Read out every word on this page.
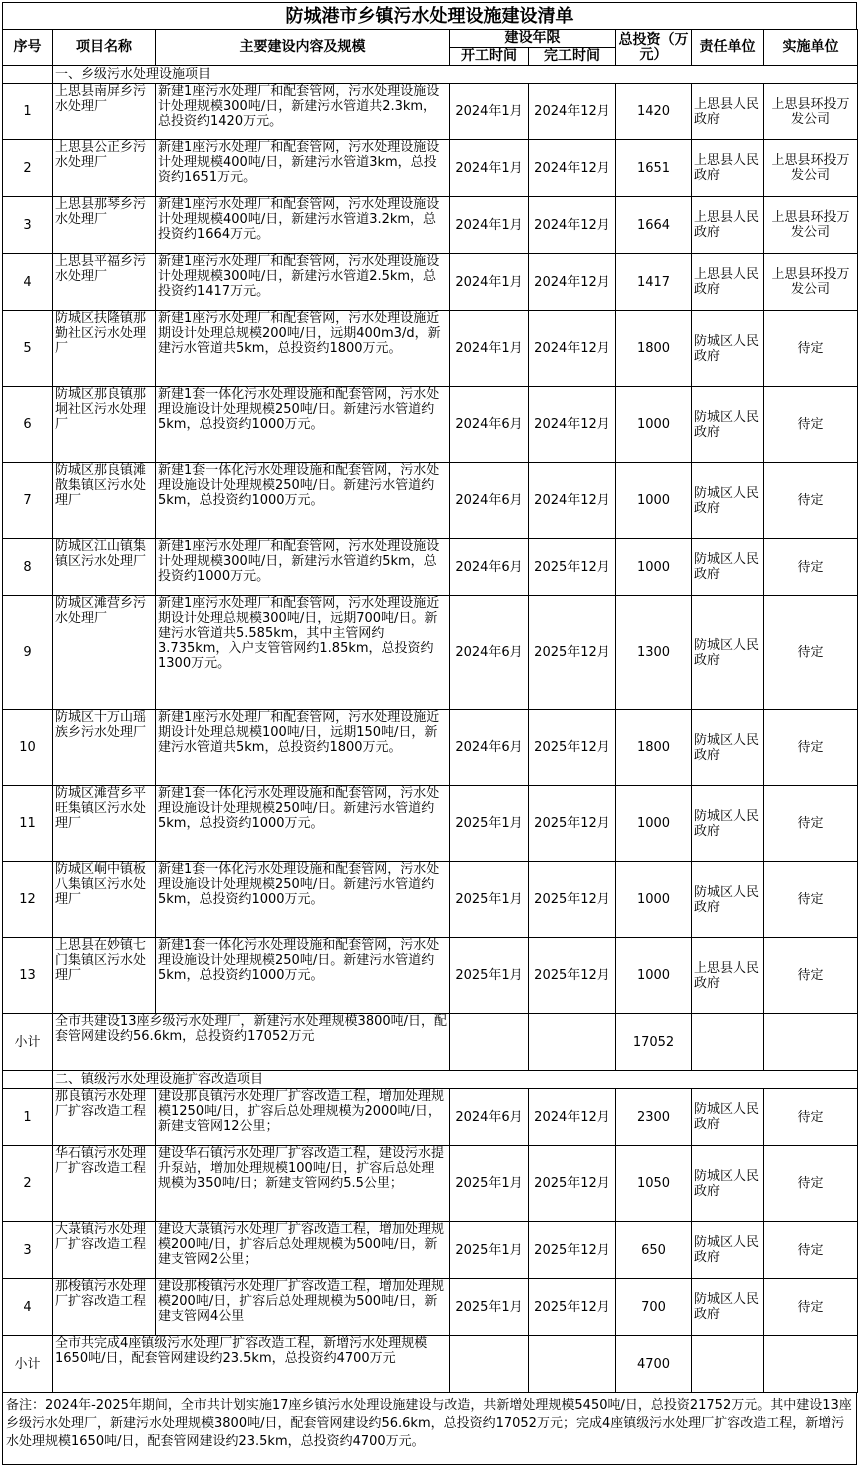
防城港市乡镇污水处理设施建设清单
序号	项目名称	主要建设内容及规模	建设年限		总投资（万元）	责任单位	实施单位
			开工时间	完工时间			
	一、乡级污水处理设施项目						
1	上思县南屏乡污水处理厂	新建1座污水处理厂和配套管网，污水处理设施设计处理规模300吨/日，新建污水管道共2.3km，总投资约1420万元。	2024年1月	2024年12月	1420	上思县人民政府	上思县环投万发公司
2	上思县公正乡污水处理厂	新建1座污水处理厂和配套管网，污水处理设施设计处理规模400吨/日，新建污水管道3km，总投资约1651万元。	2024年1月	2024年12月	1651	上思县人民政府	上思县环投万发公司
3	上思县那琴乡污水处理厂	新建1座污水处理厂和配套管网，污水处理设施设计处理规模400吨/日，新建污水管道3.2km，总投资约1664万元。	2024年1月	2024年12月	1664	上思县人民政府	上思县环投万发公司
4	上思县平福乡污水处理厂	新建1座污水处理厂和配套管网，污水处理设施设计处理规模300吨/日，新建污水管道2.5km，总投资约1417万元。	2024年1月	2024年12月	1417	上思县人民政府	上思县环投万发公司
5	防城区扶隆镇那勤社区污水处理厂	新建1座污水处理厂和配套管网，污水处理设施近期设计处理总规模200吨/日，远期400m3/d，新建污水管道共5km，总投资约1800万元。	2024年1月	2024年12月	1800	防城区人民政府	待定
6	防城区那良镇那垌社区污水处理厂	新建1套一体化污水处理设施和配套管网，污水处理设施设计处理规模250吨/日。新建污水管道约5km，总投资约1000万元。	2024年6月	2024年12月	1000	防城区人民政府	待定
7	防城区那良镇滩散集镇区污水处理厂	新建1套一体化污水处理设施和配套管网，污水处理设施设计处理规模250吨/日。新建污水管道约5km，总投资约1000万元。	2024年6月	2024年12月	1000	防城区人民政府	待定
8	防城区江山镇集镇区污水处理厂	新建1座污水处理厂和配套管网，污水处理设施设计处理规模300吨/日，新建污水管道约5km，总投资约1000万元。	2024年6月	2025年12月	1000	防城区人民政府	待定
9	防城区滩营乡污水处理厂	新建1座污水处理厂和配套管网，污水处理设施近期设计处理总规模300吨/日，远期700吨/日。新建污水管道共5.585km，其中主管网约3.735km，入户支管管网约1.85km，总投资约1300万元。	2024年6月	2025年12月	1300	防城区人民政府	待定
10	防城区十万山瑶族乡污水处理厂	新建1座污水处理厂和配套管网，污水处理设施近期设计处理总规模100吨/日，远期150吨/日，新建污水管道共5km，总投资约1800万元。	2024年6月	2025年12月	1800	防城区人民政府	待定
11	防城区滩营乡平旺集镇区污水处理厂	新建1套一体化污水处理设施和配套管网，污水处理设施设计处理规模250吨/日。新建污水管道约5km，总投资约1000万元。	2025年1月	2025年12月	1000	防城区人民政府	待定
12	防城区峒中镇板八集镇区污水处理厂	新建1套一体化污水处理设施和配套管网，污水处理设施设计处理规模250吨/日。新建污水管道约5km，总投资约1000万元。	2025年1月	2025年12月	1000	防城区人民政府	待定
13	上思县在妙镇七门集镇区污水处理厂	新建1套一体化污水处理设施和配套管网，污水处理设施设计处理规模250吨/日。新建污水管道约5km，总投资约1000万元。	2025年1月	2025年12月	1000	上思县人民政府	待定
小计	全市共建设13座乡级污水处理厂，新建污水处理规模3800吨/日，配套管网建设约56.6km，总投资约17052万元				17052		
	二、镇级污水处理设施扩容改造项目						
1	那良镇污水处理厂扩容改造工程	建设那良镇污水处理厂扩容改造工程，增加处理规模1250吨/日，扩容后总处理规模为2000吨/日，新建支管网12公里；	2024年6月	2024年12月	2300	防城区人民政府	待定
2	华石镇污水处理厂扩容改造工程	建设华石镇污水处理厂扩容改造工程，建设污水提升泵站，增加处理规模100吨/日，扩容后总处理规模为350吨/日；新建支管网约5.5公里；	2025年1月	2025年12月	1050	防城区人民政府	待定
3	大菉镇污水处理厂扩容改造工程	建设大菉镇污水处理厂扩容改造工程，增加处理规模200吨/日，扩容后总处理规模为500吨/日，新建支管网2公里；	2025年1月	2025年12月	650	防城区人民政府	待定
4	那梭镇污水处理厂扩容改造工程	建设那梭镇污水处理厂扩容改造工程，增加处理规模200吨/日，扩容后总处理规模为500吨/日，新建支管网4公里	2025年1月	2025年12月	700	防城区人民政府	待定
小计	全市共完成4座镇级污水处理厂扩容改造工程，新增污水处理规模1650吨/日，配套管网建设约23.5km，总投资约4700万元				4700		
备注：2024年-2025年期间，全市共计划实施17座乡镇污水处理设施建设与改造，共新增处理规模5450吨/日，总投资21752万元。其中建设13座乡级污水处理厂，新建污水处理规模3800吨/日，配套管网建设约56.6km，总投资约17052万元；完成4座镇级污水处理厂扩容改造工程，新增污水处理规模1650吨/日，配套管网建设约23.5km，总投资约4700万元。
